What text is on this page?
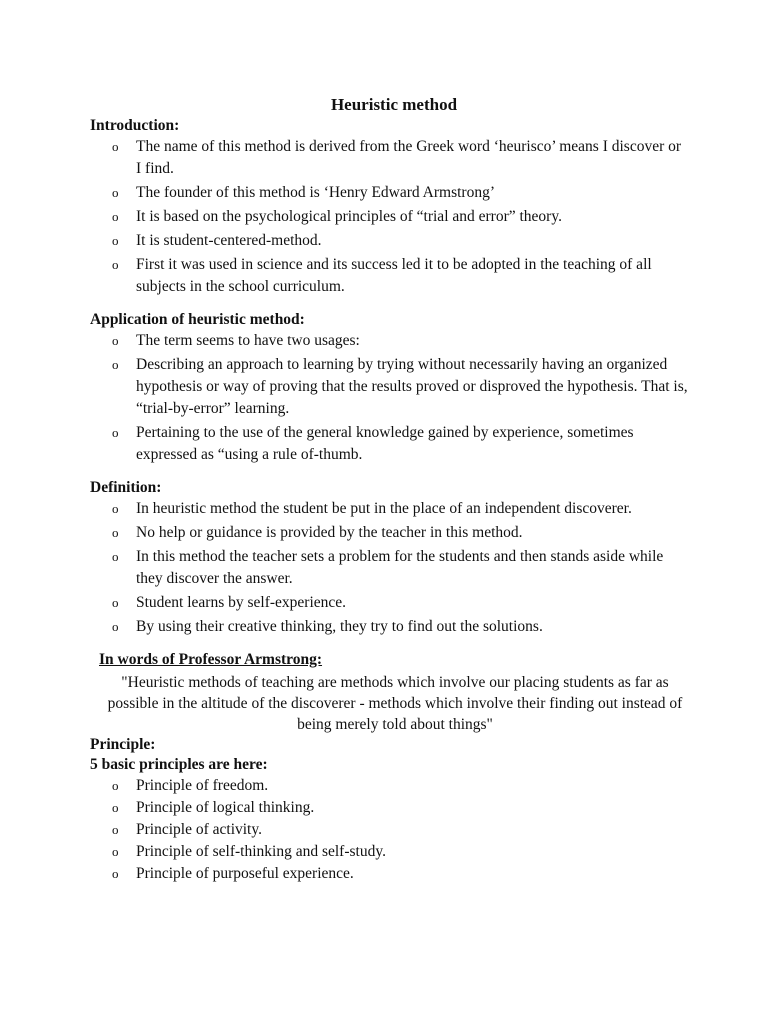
Heuristic method
Introduction:
o The name of this method is derived from the Greek word ‘heurisco’ means I discover or I find.
o The founder of this method is ‘Henry Edward Armstrong’
o It is based on the psychological principles of “trial and error” theory.
o It is student-centered-method.
o First it was used in science and its success led it to be adopted in the teaching of all subjects in the school curriculum.
Application of heuristic method:
o The term seems to have two usages:
o Describing an approach to learning by trying without necessarily having an organized hypothesis or way of proving that the results proved or disproved the hypothesis. That is, “trial-by-error” learning.
o Pertaining to the use of the general knowledge gained by experience, sometimes expressed as “using a rule of-thumb.
Definition:
o In heuristic method the student be put in the place of an independent discoverer.
o No help or guidance is provided by the teacher in this method.
o In this method the teacher sets a problem for the students and then stands aside while they discover the answer.
o Student learns by self-experience.
o By using their creative thinking, they try to find out the solutions.
In words of Professor Armstrong:
"Heuristic methods of teaching are methods which involve our placing students as far as possible in the altitude of the discoverer - methods which involve their finding out instead of being merely told about things"
Principle:
5 basic principles are here:
o Principle of freedom.
o Principle of logical thinking.
o Principle of activity.
o Principle of self-thinking and self-study.
o Principle of purposeful experience.
